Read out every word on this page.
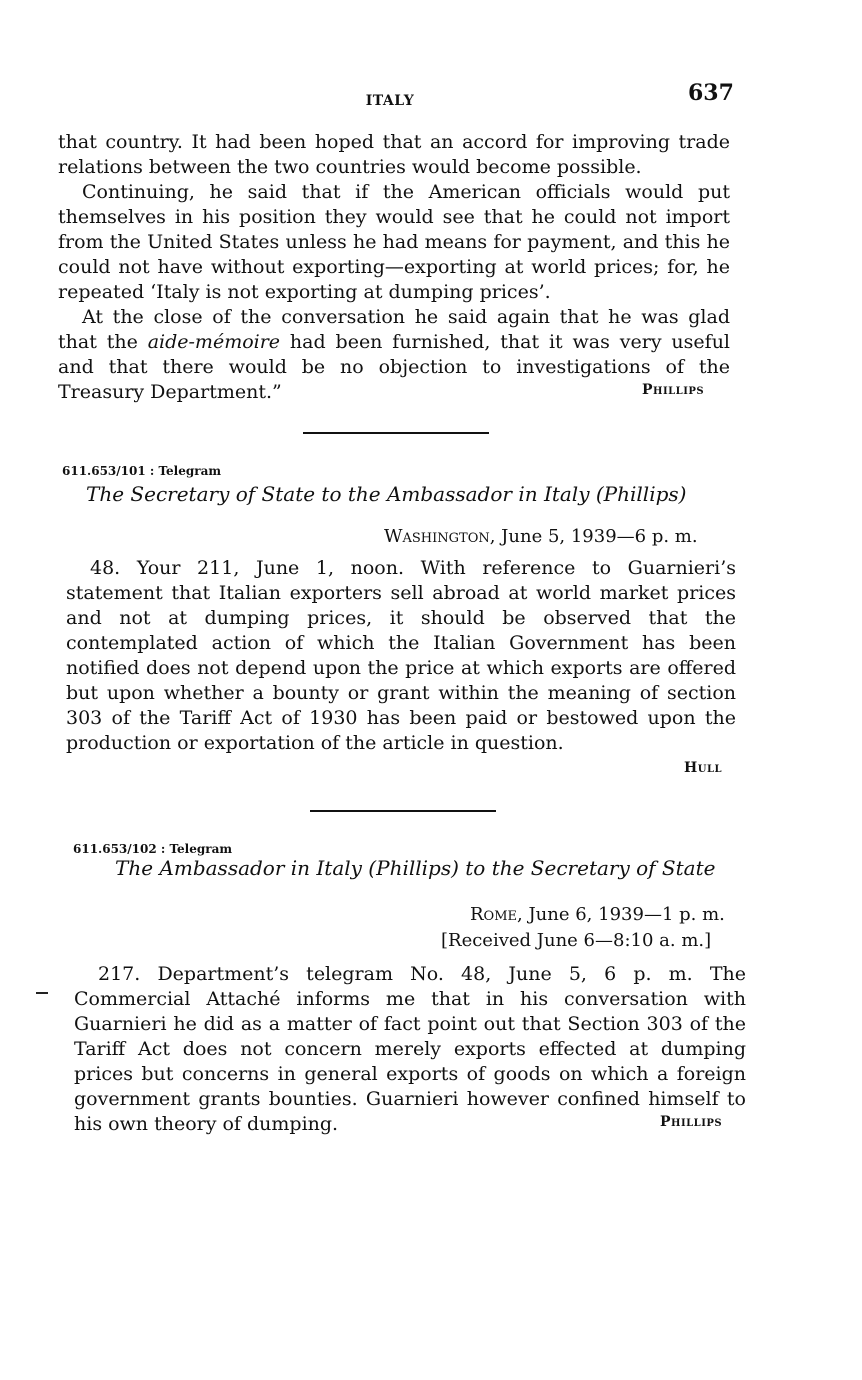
ITALY	637

that country. It had been hoped that an accord for improving trade relations between the two countries would become possible.

Continuing, he said that if the American officials would put themselves in his position they would see that he could not import from the United States unless he had means for payment, and this he could not have without exporting—exporting at world prices; for, he repeated ‘Italy is not exporting at dumping prices’.

At the close of the conversation he said again that he was glad that the aide-mémoire had been furnished, that it was very useful and that there would be no objection to investigations of the Treasury Department.”	Phillips
611.653/101 : Telegram
The Secretary of State to the Ambassador in Italy (Phillips)
Washington, June 5, 1939—6 p. m.

48. Your 211, June 1, noon. With reference to Guarnieri’s statement that Italian exporters sell abroad at world market prices and not at dumping prices, it should be observed that the contemplated action of which the Italian Government has been notified does not depend upon the price at which exports are offered but upon whether a bounty or grant within the meaning of section 303 of the Tariff Act of 1930 has been paid or bestowed upon the production or exportation of the article in question.

Hull
611.653/102 : Telegram
The Ambassador in Italy (Phillips) to the Secretary of State
Rome, June 6, 1939—1 p. m.
[Received June 6—8:10 a. m.]

217. Department’s telegram No. 48, June 5, 6 p. m. The Commercial Attaché informs me that in his conversation with Guarnieri he did as a matter of fact point out that Section 303 of the Tariff Act does not concern merely exports effected at dumping prices but concerns in general exports of goods on which a foreign government grants bounties. Guarnieri however confined himself to his own theory of dumping.	Phillips
